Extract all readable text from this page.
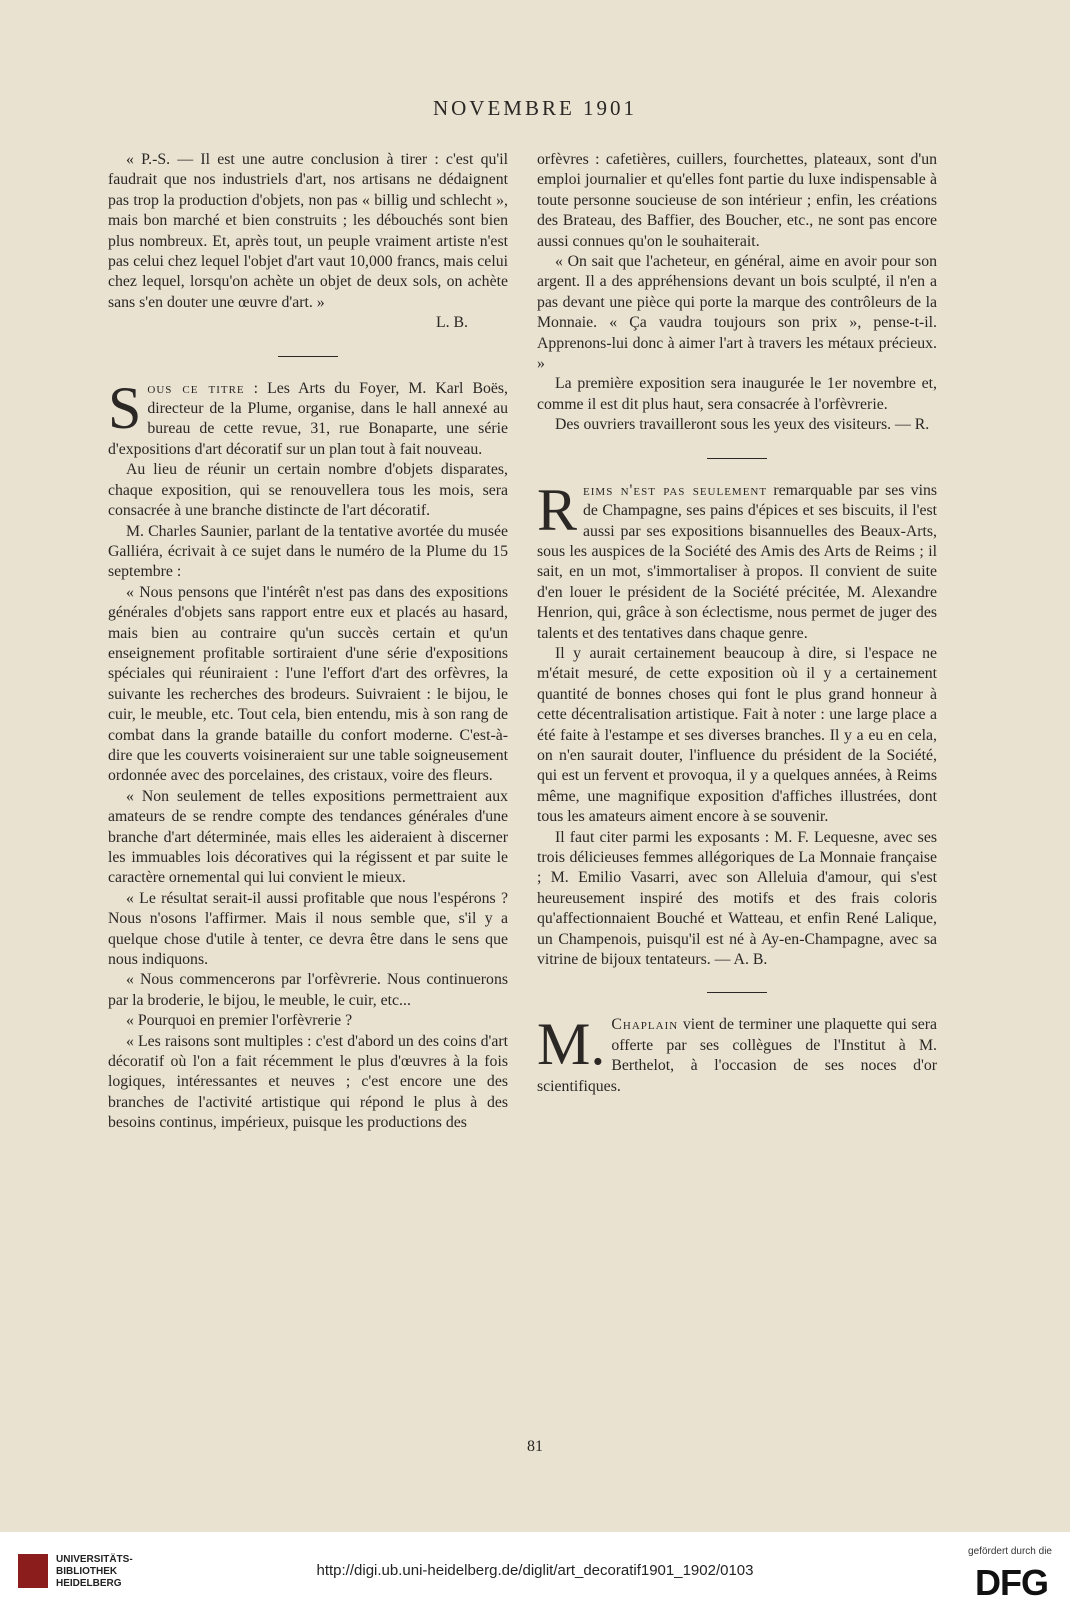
NOVEMBRE 1901

« P.-S. — Il est une autre conclusion à tirer : c'est qu'il faudrait que nos industriels d'art, nos artisans ne dédaignent pas trop la production d'objets, non pas « billig und schlecht », mais bon marché et bien construits ; les débouchés sont bien plus nombreux. Et, après tout, un peuple vraiment artiste n'est pas celui chez lequel l'objet d'art vaut 10,000 francs, mais celui chez lequel, lorsqu'on achète un objet de deux sols, on achète sans s'en douter une œuvre d'art. »

L. B.

Sous ce titre : Les Arts du Foyer, M. Karl Boës, directeur de la Plume, organise, dans le hall annexé au bureau de cette revue, 31, rue Bonaparte, une série d'expositions d'art décoratif sur un plan tout à fait nouveau.

Au lieu de réunir un certain nombre d'objets disparates, chaque exposition, qui se renouvellera tous les mois, sera consacrée à une branche distincte de l'art décoratif.

M. Charles Saunier, parlant de la tentative avortée du musée Galliéra, écrivait à ce sujet dans le numéro de la Plume du 15 septembre :

« Nous pensons que l'intérêt n'est pas dans des expositions générales d'objets sans rapport entre eux et placés au hasard, mais bien au contraire qu'un succès certain et qu'un enseignement profitable sortiraient d'une série d'expositions spéciales qui réuniraient : l'une l'effort d'art des orfèvres, la suivante les recherches des brodeurs. Suivraient : le bijou, le cuir, le meuble, etc. Tout cela, bien entendu, mis à son rang de combat dans la grande bataille du confort moderne. C'est-à-dire que les couverts voisineraient sur une table soigneusement ordonnée avec des porcelaines, des cristaux, voire des fleurs.

« Non seulement de telles expositions permettraient aux amateurs de se rendre compte des tendances générales d'une branche d'art déterminée, mais elles les aideraient à discerner les immuables lois décoratives qui la régissent et par suite le caractère ornemental qui lui convient le mieux.

« Le résultat serait-il aussi profitable que nous l'espérons ? Nous n'osons l'affirmer. Mais il nous semble que, s'il y a quelque chose d'utile à tenter, ce devra être dans le sens que nous indiquons.

« Nous commencerons par l'orfèvrerie. Nous continuerons par la broderie, le bijou, le meuble, le cuir, etc...

« Pourquoi en premier l'orfèvrerie ?

« Les raisons sont multiples : c'est d'abord un des coins d'art décoratif où l'on a fait récemment le plus d'œuvres à la fois logiques, intéressantes et neuves ; c'est encore une des branches de l'activité artistique qui répond le plus à des besoins continus, impérieux, puisque les productions des

orfèvres : cafetières, cuillers, fourchettes, plateaux, sont d'un emploi journalier et qu'elles font partie du luxe indispensable à toute personne soucieuse de son intérieur ; enfin, les créations des Brateau, des Baffier, des Boucher, etc., ne sont pas encore aussi connues qu'on le souhaiterait.

« On sait que l'acheteur, en général, aime en avoir pour son argent. Il a des appréhensions devant un bois sculpté, il n'en a pas devant une pièce qui porte la marque des contrôleurs de la Monnaie. « Ça vaudra toujours son prix », pense-t-il. Apprenons-lui donc à aimer l'art à travers les métaux précieux. »

La première exposition sera inaugurée le 1er novembre et, comme il est dit plus haut, sera consacrée à l'orfèvrerie.

Des ouvriers travailleront sous les yeux des visiteurs. — R.

Reims n'est pas seulement remarquable par ses vins de Champagne, ses pains d'épices et ses biscuits, il l'est aussi par ses expositions bisannuelles des Beaux-Arts, sous les auspices de la Société des Amis des Arts de Reims ; il sait, en un mot, s'immortaliser à propos. Il convient de suite d'en louer le président de la Société précitée, M. Alexandre Henrion, qui, grâce à son éclectisme, nous permet de juger des talents et des tentatives dans chaque genre.

Il y aurait certainement beaucoup à dire, si l'espace ne m'était mesuré, de cette exposition où il y a certainement quantité de bonnes choses qui font le plus grand honneur à cette décentralisation artistique. Fait à noter : une large place a été faite à l'estampe et ses diverses branches. Il y a eu en cela, on n'en saurait douter, l'influence du président de la Société, qui est un fervent et provoqua, il y a quelques années, à Reims même, une magnifique exposition d'affiches illustrées, dont tous les amateurs aiment encore à se souvenir.

Il faut citer parmi les exposants : M. F. Lequesne, avec ses trois délicieuses femmes allégoriques de La Monnaie française ; M. Emilio Vasarri, avec son Alleluia d'amour, qui s'est heureusement inspiré des motifs et des frais coloris qu'affectionnaient Bouché et Watteau, et enfin René Lalique, un Champenois, puisqu'il est né à Ay-en-Champagne, avec sa vitrine de bijoux tentateurs. — A. B.

M. Chaplain vient de terminer une plaquette qui sera offerte par ses collègues de l'Institut à M. Berthelot, à l'occasion de ses noces d'or scientifiques.

81
UNIVERSITÄTS-BIBLIOTHEK HEIDELBERG
http://digi.ub.uni-heidelberg.de/diglit/art_decoratif1901_1902/0103
gefördert durch die
DFG
